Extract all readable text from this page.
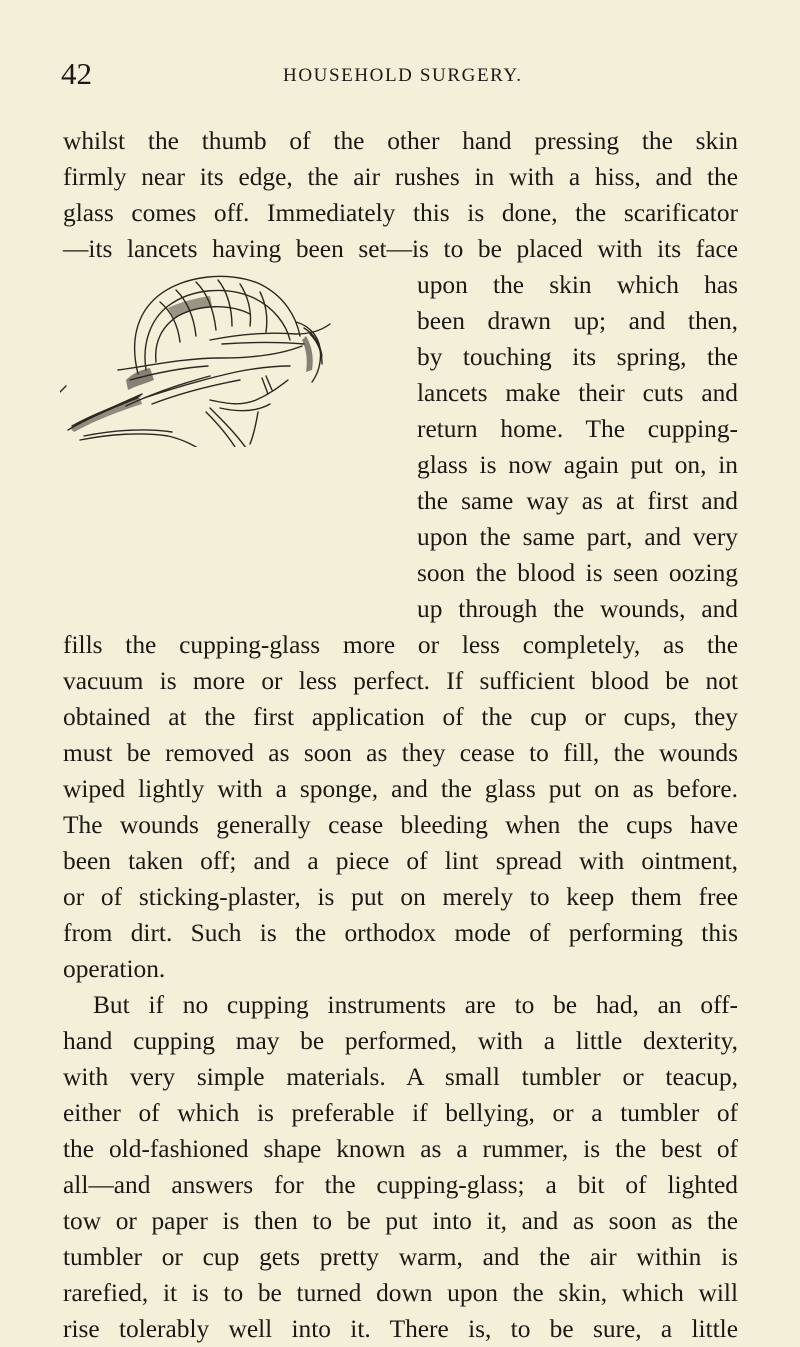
42	HOUSEHOLD SURGERY.
whilst the thumb of the other hand pressing the skin
firmly near its edge, the air rushes in with a hiss, and the
glass comes off. Immediately this is done, the scarificator
—its lancets having been set—is to be placed with its face
upon the skin which has
been drawn up; and then,
by touching its spring, the
lancets make their cuts and
return home. The cupping-
glass is now again put on, in
the same way as at first and
upon the same part, and very
soon the blood is seen oozing
up through the wounds, and
fills the cupping-glass more or less completely, as the
vacuum is more or less perfect. If sufficient blood be not
obtained at the first application of the cup or cups, they
must be removed as soon as they cease to fill, the wounds
wiped lightly with a sponge, and the glass put on as before.
The wounds generally cease bleeding when the cups have
been taken off; and a piece of lint spread with ointment,
or of sticking-plaster, is put on merely to keep them free
from dirt. Such is the orthodox mode of performing this
operation.
But if no cupping instruments are to be had, an off-
hand cupping may be performed, with a little dexterity,
with very simple materials. A small tumbler or teacup,
either of which is preferable if bellying, or a tumbler of
the old-fashioned shape known as a rummer, is the best of
all—and answers for the cupping-glass; a bit of lighted
tow or paper is then to be put into it, and as soon as the
tumbler or cup gets pretty warm, and the air within is
rarefied, it is to be turned down upon the skin, which will
rise tolerably well into it. There is, to be sure, a little
